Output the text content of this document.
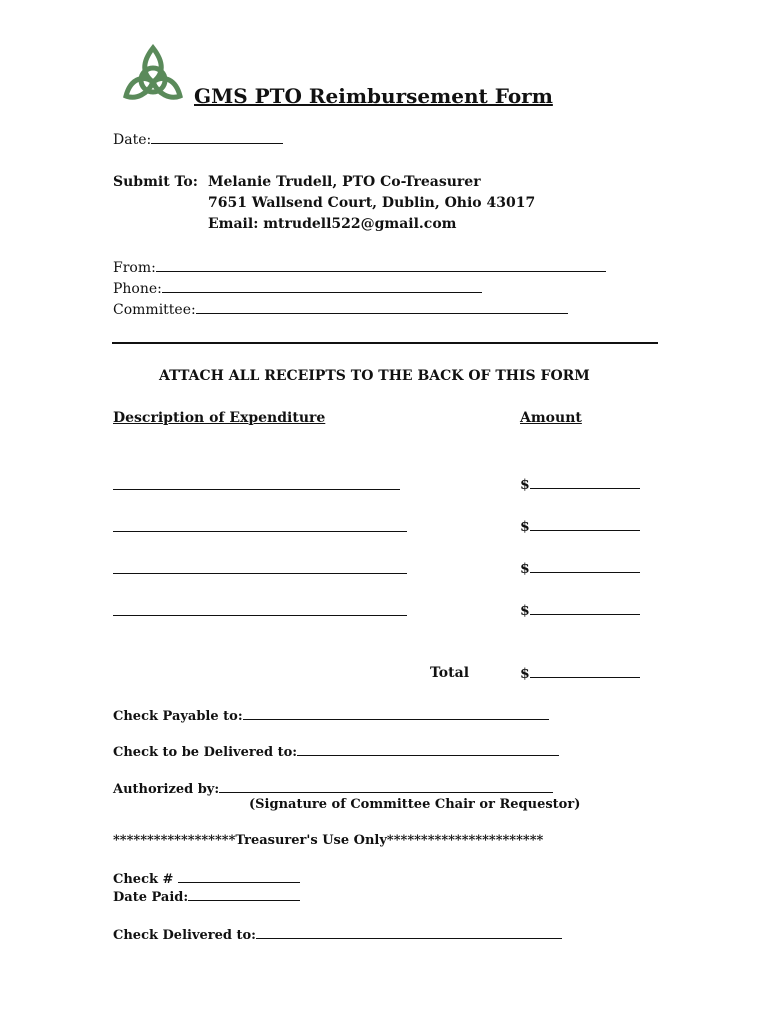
GMS PTO Reimbursement Form
Date:
Submit To: Melanie Trudell, PTO Co-Treasurer
7651 Wallsend Court, Dublin, Ohio 43017
Email: mtrudell522@gmail.com
From:
Phone:
Committee:
ATTACH ALL RECEIPTS TO THE BACK OF THIS FORM
Description of Expenditure	Amount
$
$
$
$
Total	$
Check Payable to:
Check to be Delivered to:
Authorized by:
(Signature of Committee Chair or Requestor)
******************Treasurer's Use Only***********************
Check #
Date Paid:
Check Delivered to:
